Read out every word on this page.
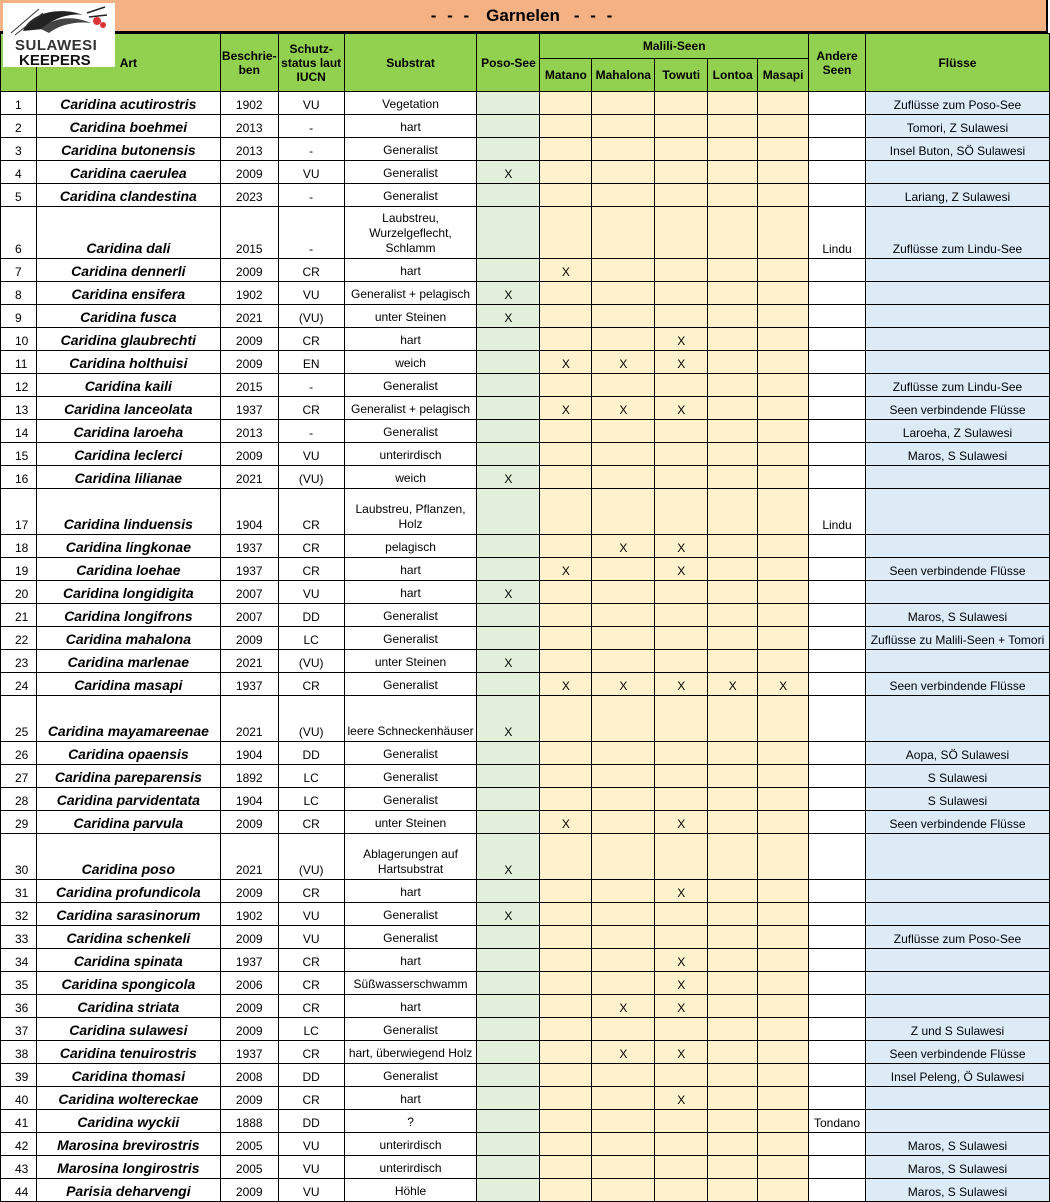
- - - Garnelen - - -
SULAWESI
KEEPERS
	Art	Beschrie-ben	Schutz-status laut IUCN	Substrat	Poso-See	Malili-Seen					Andere Seen	Flüsse
						Matano	Mahalona	Towuti	Lontoa	Masapi		
1	Caridina acutirostris	1902	VU	Vegetation								Zuflüsse zum Poso-See
2	Caridina boehmei	2013	-	hart								Tomori, Z Sulawesi
3	Caridina butonensis	2013	-	Generalist								Insel Buton, SÖ Sulawesi
4	Caridina caerulea	2009	VU	Generalist	X							
5	Caridina clandestina	2023	-	Generalist								Lariang, Z Sulawesi
6	Caridina dali	2015	-	Laubstreu, Wurzelgeflecht, Schlamm							Lindu	Zuflüsse zum Lindu-See
7	Caridina dennerli	2009	CR	hart		X						
8	Caridina ensifera	1902	VU	Generalist + pelagisch	X							
9	Caridina fusca	2021	(VU)	unter Steinen	X							
10	Caridina glaubrechti	2009	CR	hart				X				
11	Caridina holthuisi	2009	EN	weich		X	X	X				
12	Caridina kaili	2015	-	Generalist								Zuflüsse zum Lindu-See
13	Caridina lanceolata	1937	CR	Generalist + pelagisch		X	X	X				Seen verbindende Flüsse
14	Caridina laroeha	2013	-	Generalist								Laroeha, Z Sulawesi
15	Caridina leclerci	2009	VU	unterirdisch								Maros, S Sulawesi
16	Caridina lilianae	2021	(VU)	weich	X							
17	Caridina linduensis	1904	CR	Laubstreu, Pflanzen, Holz							Lindu	
18	Caridina lingkonae	1937	CR	pelagisch			X	X				
19	Caridina loehae	1937	CR	hart		X		X				Seen verbindende Flüsse
20	Caridina longidigita	2007	VU	hart	X							
21	Caridina longifrons	2007	DD	Generalist								Maros, S Sulawesi
22	Caridina mahalona	2009	LC	Generalist								Zuflüsse zu Malili-Seen + Tomori
23	Caridina marlenae	2021	(VU)	unter Steinen	X							
24	Caridina masapi	1937	CR	Generalist		X	X	X	X	X		Seen verbindende Flüsse
25	Caridina mayamareenae	2021	(VU)	leere Schneckenhäuser	X							
26	Caridina opaensis	1904	DD	Generalist								Aopa, SÖ Sulawesi
27	Caridina pareparensis	1892	LC	Generalist								S Sulawesi
28	Caridina parvidentata	1904	LC	Generalist								S Sulawesi
29	Caridina parvula	2009	CR	unter Steinen		X		X				Seen verbindende Flüsse
30	Caridina poso	2021	(VU)	Ablagerungen auf Hartsubstrat	X							
31	Caridina profundicola	2009	CR	hart				X				
32	Caridina sarasinorum	1902	VU	Generalist	X							
33	Caridina schenkeli	2009	VU	Generalist								Zuflüsse zum Poso-See
34	Caridina spinata	1937	CR	hart				X				
35	Caridina spongicola	2006	CR	Süßwasserschwamm				X				
36	Caridina striata	2009	CR	hart			X	X				
37	Caridina sulawesi	2009	LC	Generalist								Z und S Sulawesi
38	Caridina tenuirostris	1937	CR	hart, überwiegend Holz			X	X				Seen verbindende Flüsse
39	Caridina thomasi	2008	DD	Generalist								Insel Peleng, Ö Sulawesi
40	Caridina woltereckae	2009	CR	hart				X				
41	Caridina wyckii	1888	DD	?							Tondano	
42	Marosina brevirostris	2005	VU	unterirdisch								Maros, S Sulawesi
43	Marosina longirostris	2005	VU	unterirdisch								Maros, S Sulawesi
44	Parisia deharvengi	2009	VU	Höhle								Maros, S Sulawesi
